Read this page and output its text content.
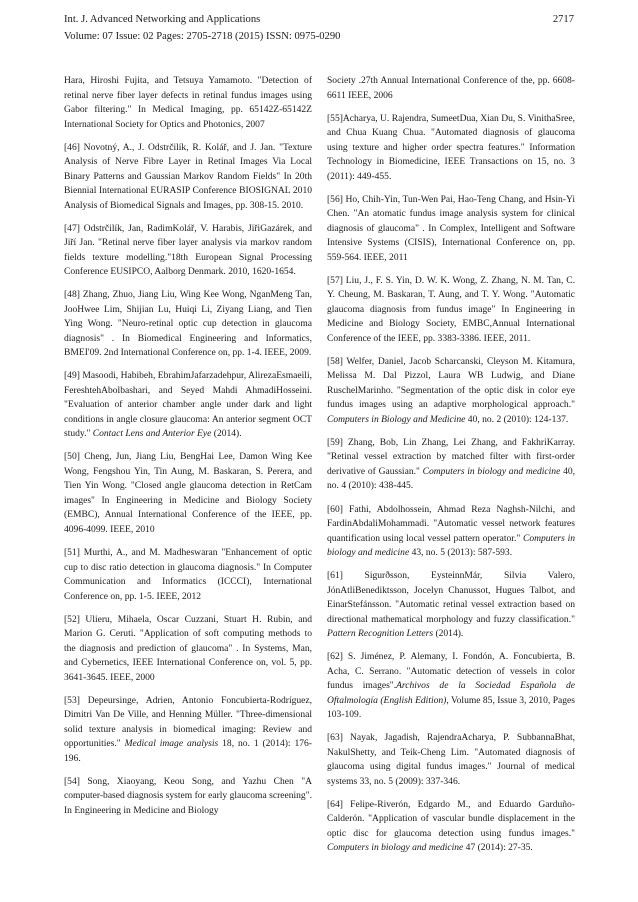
Int. J. Advanced Networking and Applications
Volume: 07 Issue: 02 Pages: 2705-2718 (2015) ISSN: 0975-0290
2717

Hara, Hiroshi Fujita, and Tetsuya Yamamoto. "Detection of retinal nerve fiber layer defects in retinal fundus images using Gabor filtering." In Medical Imaging, pp. 65142Z-65142Z International Society for Optics and Photonics, 2007

[46] Novotný, A., J. Odstrčilík, R. Kolář, and J. Jan. "Texture Analysis of Nerve Fibre Layer in Retinal Images Via Local Binary Patterns and Gaussian Markov Random Fields" In 20th Biennial International EURASIP Conference BIOSIGNAL 2010 Analysis of Biomedical Signals and Images, pp. 308-15. 2010.

[47] Odstrčilík, Jan, RadimKolář, V. Harabis, JiřiGazárek, and Jiří Jan. "Retinal nerve fiber layer analysis via markov random fields texture modelling."18th European Signal Processing Conference EUSIPCO, Aalborg Denmark. 2010, 1620-1654.

[48] Zhang, Zhuo, Jiang Liu, Wing Kee Wong, NganMeng Tan, JooHwee Lim, Shijian Lu, Huiqi Li, Ziyang Liang, and Tien Ying Wong. "Neuro-retinal optic cup detection in glaucoma diagnosis" . In Biomedical Engineering and Informatics, BMEI'09. 2nd International Conference on, pp. 1-4. IEEE, 2009.

[49] Masoodi, Habibeh, EbrahimJafarzadehpur, AlirezaEsmaeili, FereshtehAbolbashari, and Seyed Mahdi AhmadiHosseini. "Evaluation of anterior chamber angle under dark and light conditions in angle closure glaucoma: An anterior segment OCT study." Contact Lens and Anterior Eye (2014).

[50] Cheng, Jun, Jiang Liu, BengHai Lee, Damon Wing Kee Wong, Fengshou Yin, Tin Aung, M. Baskaran, S. Perera, and Tien Yin Wong. "Closed angle glaucoma detection in RetCam images" In Engineering in Medicine and Biology Society (EMBC), Annual International Conference of the IEEE, pp. 4096-4099. IEEE, 2010

[51] Murthi, A., and M. Madheswaran "Enhancement of optic cup to disc ratio detection in glaucoma diagnosis." In Computer Communication and Informatics (ICCCI), International Conference on, pp. 1-5. IEEE, 2012

[52] Ulieru, Mihaela, Oscar Cuzzani, Stuart H. Rubin, and Marion G. Ceruti. "Application of soft computing methods to the diagnosis and prediction of glaucoma" . In Systems, Man, and Cybernetics, IEEE International Conference on, vol. 5, pp. 3641-3645. IEEE, 2000

[53] Depeursinge, Adrien, Antonio Foncubierta-Rodríguez, Dimitri Van De Ville, and Henning Müller. "Three-dimensional solid texture analysis in biomedical imaging: Review and opportunities." Medical image analysis 18, no. 1 (2014): 176-196.

[54] Song, Xiaoyang, Keou Song, and Yazhu Chen "A computer-based diagnosis system for early glaucoma screening". In Engineering in Medicine and Biology

Society .27th Annual International Conference of the, pp. 6608-6611 IEEE, 2006

[55]Acharya, U. Rajendra, SumeetDua, Xian Du, S. VinithaSree, and Chua Kuang Chua. "Automated diagnosis of glaucoma using texture and higher order spectra features." Information Technology in Biomedicine, IEEE Transactions on 15, no. 3 (2011): 449-455.

[56] Ho, Chih-Yin, Tun-Wen Pai, Hao-Teng Chang, and Hsin-Yi Chen. "An atomatic fundus image analysis system for clinical diagnosis of glaucoma" . In Complex, Intelligent and Software Intensive Systems (CISIS), International Conference on, pp. 559-564. IEEE, 2011

[57] Liu, J., F. S. Yin, D. W. K. Wong, Z. Zhang, N. M. Tan, C. Y. Cheung, M. Baskaran, T. Aung, and T. Y. Wong. "Automatic glaucoma diagnosis from fundus image" In Engineering in Medicine and Biology Society, EMBC,Annual International Conference of the IEEE, pp. 3383-3386. IEEE, 2011.

[58] Welfer, Daniel, Jacob Scharcanski, Cleyson M. Kitamura, Melissa M. Dal Pizzol, Laura WB Ludwig, and Diane RuschelMarinho. "Segmentation of the optic disk in color eye fundus images using an adaptive morphological approach." Computers in Biology and Medicine 40, no. 2 (2010): 124-137.

[59] Zhang, Bob, Lin Zhang, Lei Zhang, and FakhriKarray. "Retinal vessel extraction by matched filter with first-order derivative of Gaussian." Computers in biology and medicine 40, no. 4 (2010): 438-445.

[60] Fathi, Abdolhossein, Ahmad Reza Naghsh-Nilchi, and FardinAbdaliMohammadi. "Automatic vessel network features quantification using local vessel pattern operator." Computers in biology and medicine 43, no. 5 (2013): 587-593.

[61] Sigurðsson, EysteinnMár, Silvia Valero, JónAtliBenediktsson, Jocelyn Chanussot, Hugues Talbot, and EinarStefánsson. "Automatic retinal vessel extraction based on directional mathematical morphology and fuzzy classification." Pattern Recognition Letters (2014).

[62] S. Jiménez, P. Alemany, I. Fondón, A. Foncubierta, B. Acha, C. Serrano. "Automatic detection of vessels in color fundus images".Archivos de la Sociedad Española de Oftalmología (English Edition), Volume 85, Issue 3, 2010, Pages 103-109.

[63] Nayak, Jagadish, RajendraAcharya, P. SubbannaBhat, NakulShetty, and Teik-Cheng Lim. "Automated diagnosis of glaucoma using digital fundus images." Journal of medical systems 33, no. 5 (2009): 337-346.

[64] Felipe-Riverón, Edgardo M., and Eduardo Garduño-Calderón. "Application of vascular bundle displacement in the optic disc for glaucoma detection using fundus images." Computers in biology and medicine 47 (2014): 27-35.
